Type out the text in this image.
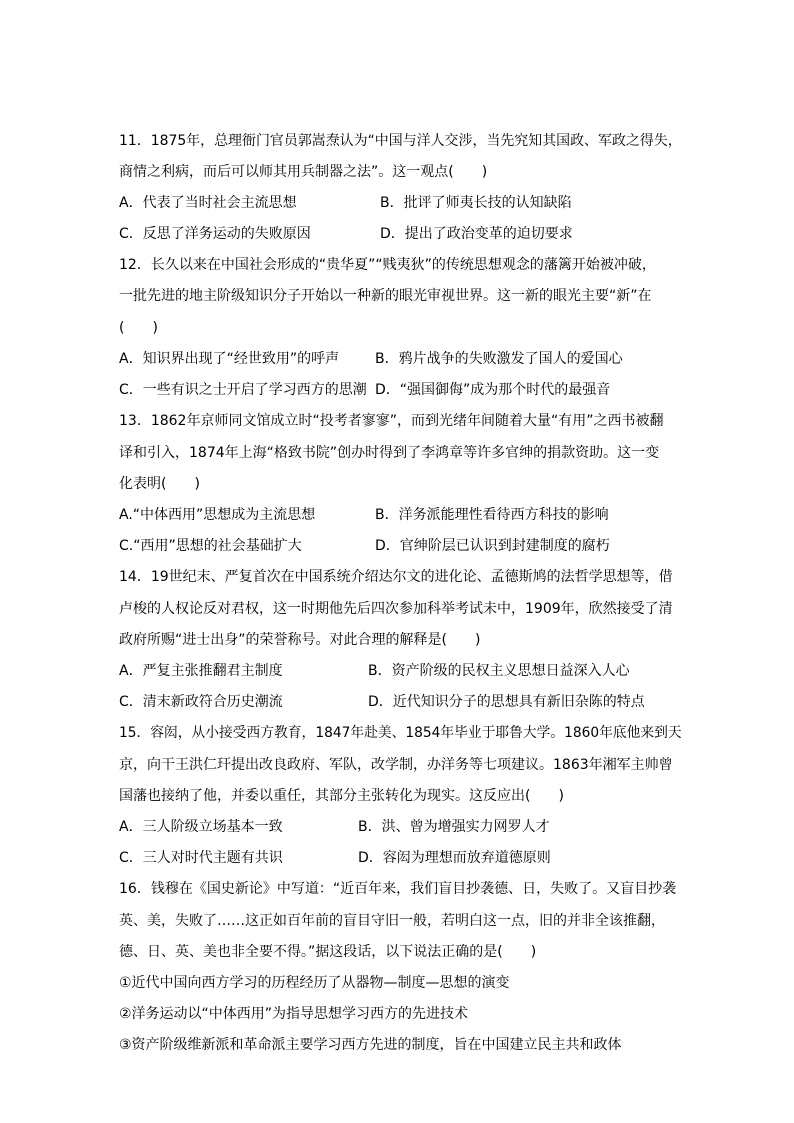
11．1875年，总理衙门官员郭嵩焘认为“中国与洋人交涉，当先究知其国政、军政之得失，
商情之利病，而后可以师其用兵制器之法”。这一观点(　　)
A．代表了当时社会主流思想	B．批评了师夷长技的认知缺陷
C．反思了洋务运动的失败原因	D．提出了政治变革的迫切要求
12．长久以来在中国社会形成的“贵华夏”“贱夷狄”的传统思想观念的藩篱开始被冲破，
一批先进的地主阶级知识分子开始以一种新的眼光审视世界。这一新的眼光主要“新”在
(　　)
A．知识界出现了“经世致用”的呼声	B．鸦片战争的失败激发了国人的爱国心
C．一些有识之士开启了学习西方的思潮 D．“强国御侮”成为那个时代的最强音
13．1862年京师同文馆成立时“投考者寥寥”，而到光绪年间随着大量“有用”之西书被翻
译和引入，1874年上海“格致书院”创办时得到了李鸿章等许多官绅的捐款资助。这一变
化表明(　　)
A.“中体西用”思想成为主流思想	B．洋务派能理性看待西方科技的影响
C.“西用”思想的社会基础扩大	D．官绅阶层已认识到封建制度的腐朽
14．19世纪末、严复首次在中国系统介绍达尔文的进化论、孟德斯鸠的法哲学思想等，借
卢梭的人权论反对君权，这一时期他先后四次参加科举考试未中，1909年，欣然接受了清
政府所赐“进士出身”的荣誉称号。对此合理的解释是(　　)
A．严复主张推翻君主制度	B．资产阶级的民权主义思想日益深入人心
C．清末新政符合历史潮流	D．近代知识分子的思想具有新旧杂陈的特点
15．容闳，从小接受西方教育，1847年赴美、1854年毕业于耶鲁大学。1860年底他来到天
京，向干王洪仁玕提出改良政府、军队，改学制，办洋务等七项建议。1863年湘军主帅曾
国藩也接纳了他，并委以重任，其部分主张转化为现实。这反应出(　　)
A．三人阶级立场基本一致	B．洪、曾为增强实力网罗人才
C．三人对时代主题有共识	D．容闳为理想而放弃道德原则
16．钱穆在《国史新论》中写道：“近百年来，我们盲目抄袭德、日，失败了。又盲目抄袭
英、美，失败了……这正如百年前的盲目守旧一般，若明白这一点，旧的并非全该推翻，
德、日、英、美也非全要不得。”据这段话，以下说法正确的是(　　)
①近代中国向西方学习的历程经历了从器物—制度—思想的演变
②洋务运动以“中体西用”为指导思想学习西方的先进技术
③资产阶级维新派和革命派主要学习西方先进的制度，旨在中国建立民主共和政体
